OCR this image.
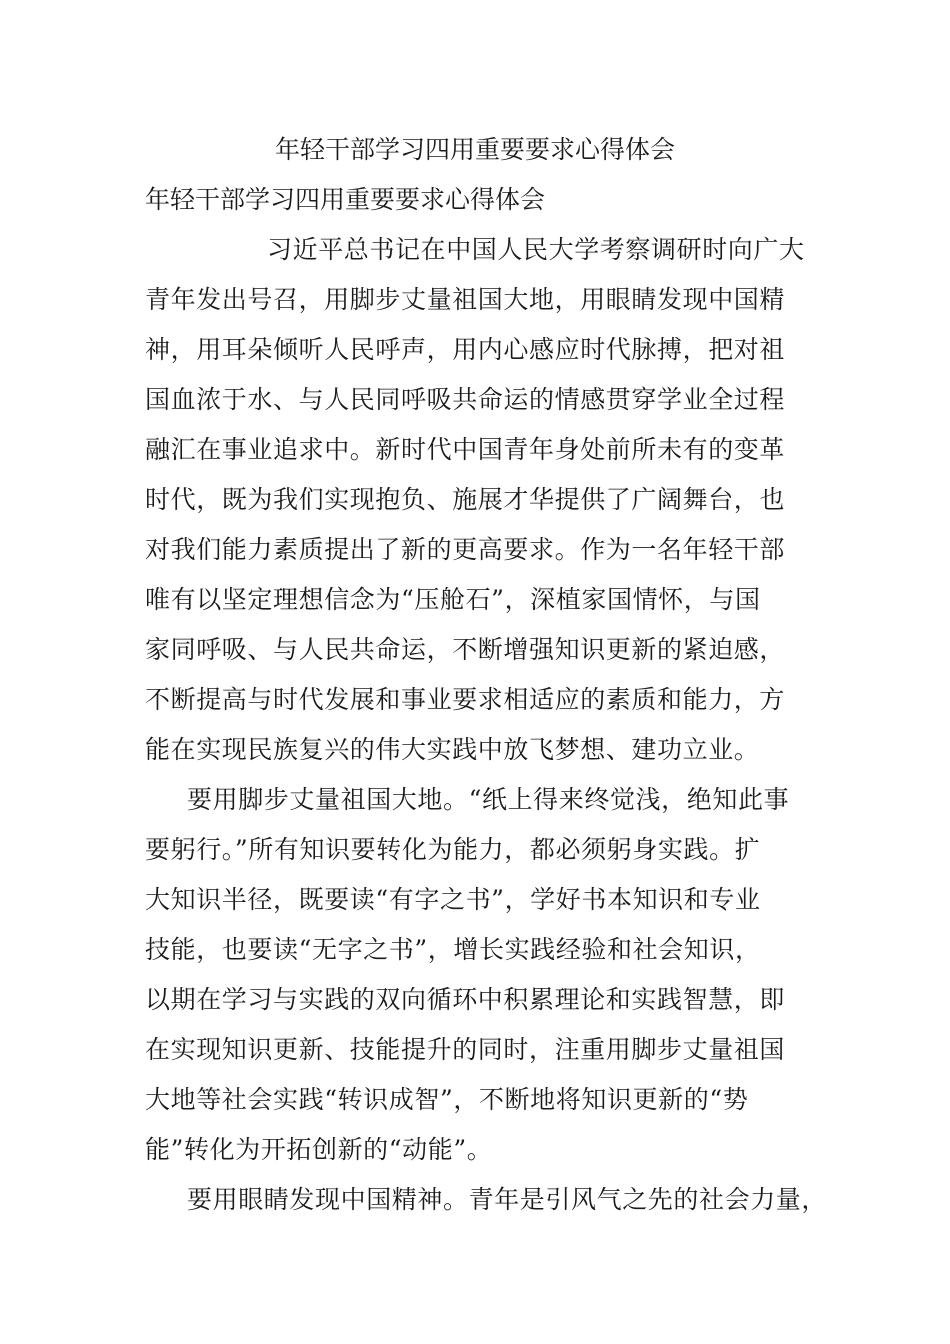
年轻干部学习四用重要要求心得体会
年轻干部学习四用重要要求心得体会
习近平总书记在中国人民大学考察调研时向广大
青年发出号召，用脚步丈量祖国大地，用眼睛发现中国精
神，用耳朵倾听人民呼声，用内心感应时代脉搏，把对祖
国血浓于水、与人民同呼吸共命运的情感贯穿学业全过程
融汇在事业追求中。新时代中国青年身处前所未有的变革
时代，既为我们实现抱负、施展才华提供了广阔舞台，也
对我们能力素质提出了新的更高要求。作为一名年轻干部
唯有以坚定理想信念为“压舱石”，深植家国情怀，与国
家同呼吸、与人民共命运，不断增强知识更新的紧迫感，
不断提高与时代发展和事业要求相适应的素质和能力，方
能在实现民族复兴的伟大实践中放飞梦想、建功立业。
要用脚步丈量祖国大地。“纸上得来终觉浅，绝知此事
要躬行。”所有知识要转化为能力，都必须躬身实践。扩
大知识半径，既要读“有字之书”，学好书本知识和专业
技能，也要读“无字之书”，增长实践经验和社会知识，
以期在学习与实践的双向循环中积累理论和实践智慧，即
在实现知识更新、技能提升的同时，注重用脚步丈量祖国
大地等社会实践“转识成智”，不断地将知识更新的“势
能”转化为开拓创新的“动能”。
要用眼睛发现中国精神。青年是引风气之先的社会力量，
